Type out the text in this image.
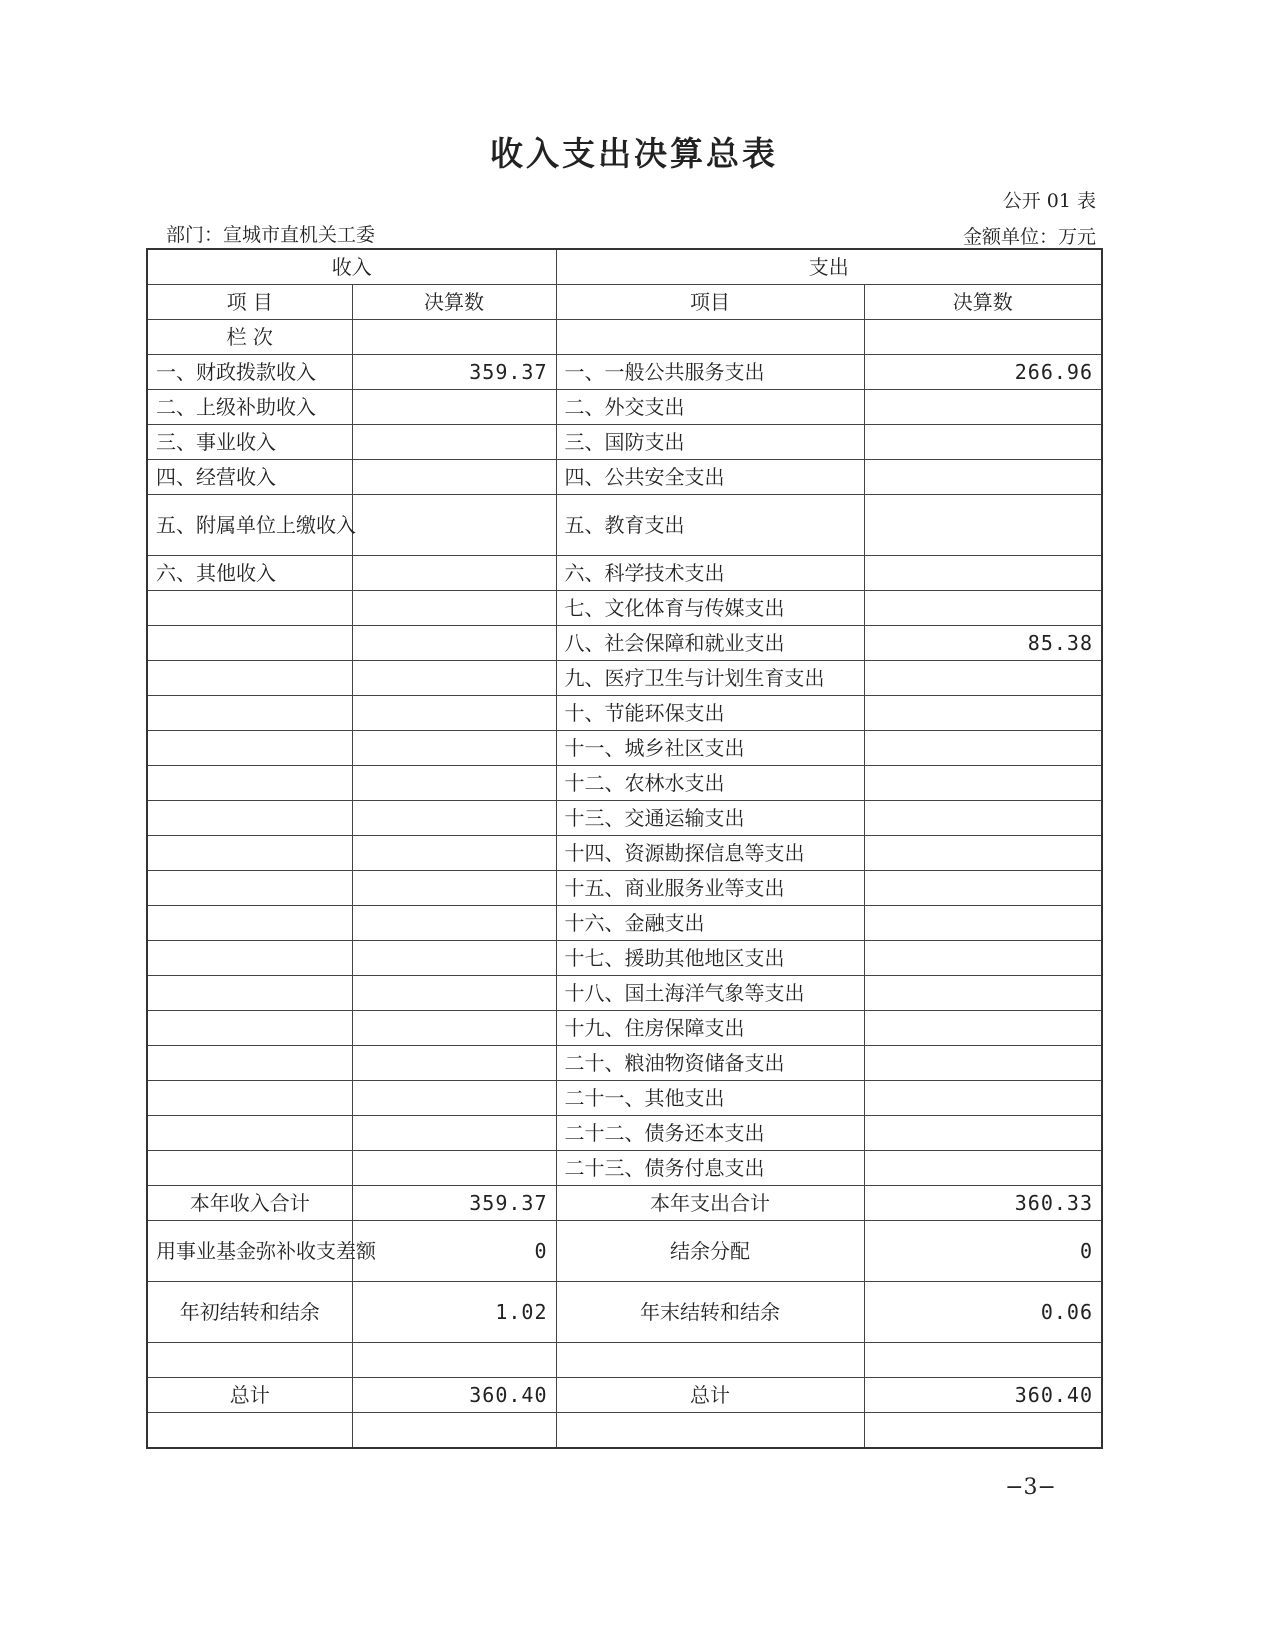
收入支出决算总表
公开 01 表
部门：宣城市直机关工委	金额单位：万元
收入		支出	
项 目	决算数	项目	决算数
栏 次			
一、财政拨款收入	359.37	一、一般公共服务支出	266.96
二、上级补助收入		二、外交支出	
三、事业收入		三、国防支出	
四、经营收入		四、公共安全支出	
五、附属单位上缴收入		五、教育支出	
六、其他收入		六、科学技术支出	
		七、文化体育与传媒支出	
		八、社会保障和就业支出	85.38
		九、医疗卫生与计划生育支出	
		十、节能环保支出	
		十一、城乡社区支出	
		十二、农林水支出	
		十三、交通运输支出	
		十四、资源勘探信息等支出	
		十五、商业服务业等支出	
		十六、金融支出	
		十七、援助其他地区支出	
		十八、国土海洋气象等支出	
		十九、住房保障支出	
		二十、粮油物资储备支出	
		二十一、其他支出	
		二十二、债务还本支出	
		二十三、债务付息支出	
本年收入合计	359.37	本年支出合计	360.33
用事业基金弥补收支差额	0	结余分配	0
年初结转和结余	1.02	年末结转和结余	0.06

总计	360.40	总计	360.40

−3−
